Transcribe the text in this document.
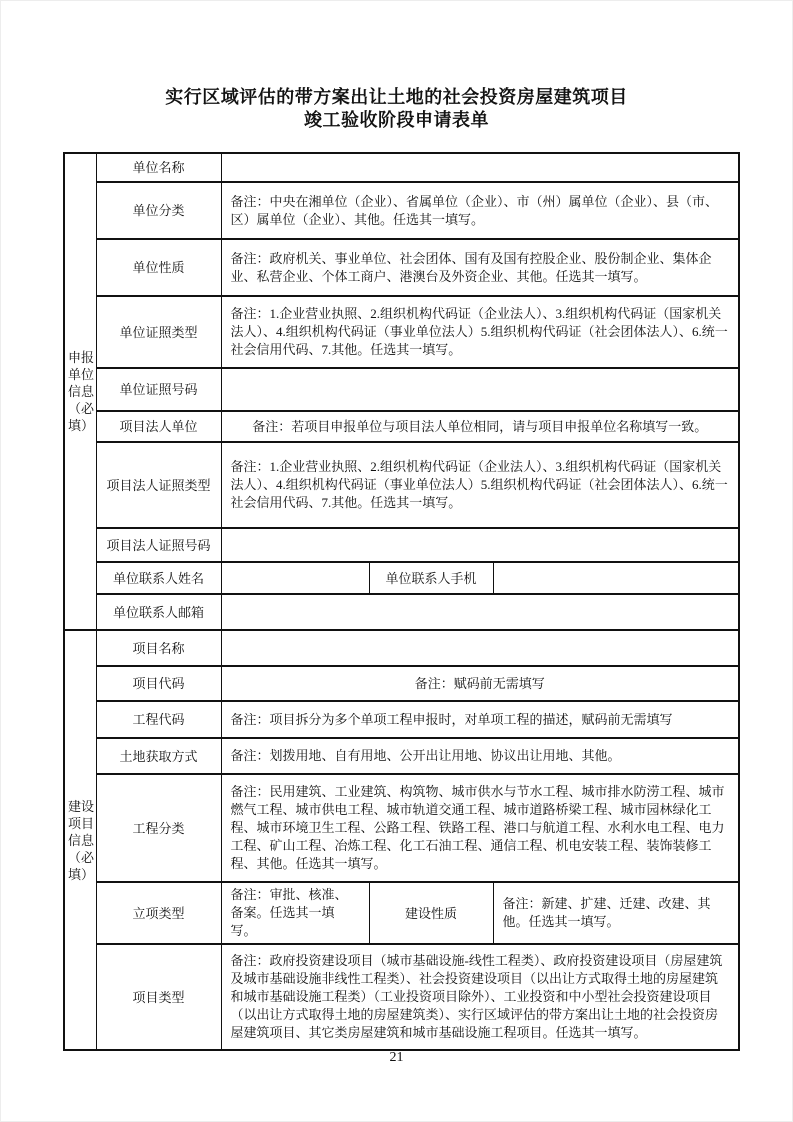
实行区域评估的带方案出让土地的社会投资房屋建筑项目
竣工验收阶段申请表单
申报单位信息（必填）	单位名称			
	单位分类	备注：中央在湘单位（企业）、省属单位（企业）、市（州）属单位（企业）、县（市、区）属单位（企业）、其他。任选其一填写。		
	单位性质	备注：政府机关、事业单位、社会团体、国有及国有控股企业、股份制企业、集体企业、私营企业、个体工商户、港澳台及外资企业、其他。任选其一填写。		
	单位证照类型	备注：1.企业营业执照、2.组织机构代码证（企业法人）、3.组织机构代码证（国家机关法人）、4.组织机构代码证（事业单位法人）5.组织机构代码证（社会团体法人）、6.统一社会信用代码、7.其他。任选其一填写。		
	单位证照号码			
	项目法人单位	备注：若项目申报单位与项目法人单位相同，请与项目申报单位名称填写一致。		
	项目法人证照类型	备注：1.企业营业执照、2.组织机构代码证（企业法人）、3.组织机构代码证（国家机关法人）、4.组织机构代码证（事业单位法人）5.组织机构代码证（社会团体法人）、6.统一社会信用代码、7.其他。任选其一填写。		
	项目法人证照号码			
	单位联系人姓名		单位联系人手机	
	单位联系人邮箱			

建设项目信息（必填）	项目名称			
	项目代码	备注：赋码前无需填写		
	工程代码	备注：项目拆分为多个单项工程申报时，对单项工程的描述，赋码前无需填写		
	土地获取方式	备注：划拨用地、自有用地、公开出让用地、协议出让用地、其他。		
	工程分类	备注：民用建筑、工业建筑、构筑物、城市供水与节水工程、城市排水防涝工程、城市燃气工程、城市供电工程、城市轨道交通工程、城市道路桥梁工程、城市园林绿化工程、城市环境卫生工程、公路工程、铁路工程、港口与航道工程、水利水电工程、电力工程、矿山工程、冶炼工程、化工石油工程、通信工程、机电安装工程、装饰装修工程、其他。任选其一填写。		
	立项类型	备注：审批、核准、备案。任选其一填写。	建设性质	备注：新建、扩建、迁建、改建、其他。任选其一填写。
	项目类型	备注：政府投资建设项目（城市基础设施-线性工程类）、政府投资建设项目（房屋建筑及城市基础设施非线性工程类）、社会投资建设项目（以出让方式取得土地的房屋建筑和城市基础设施工程类）（工业投资项目除外）、工业投资和中小型社会投资建设项目（以出让方式取得土地的房屋建筑类）、实行区域评估的带方案出让土地的社会投资房屋建筑项目、其它类房屋建筑和城市基础设施工程项目。任选其一填写。		
21
